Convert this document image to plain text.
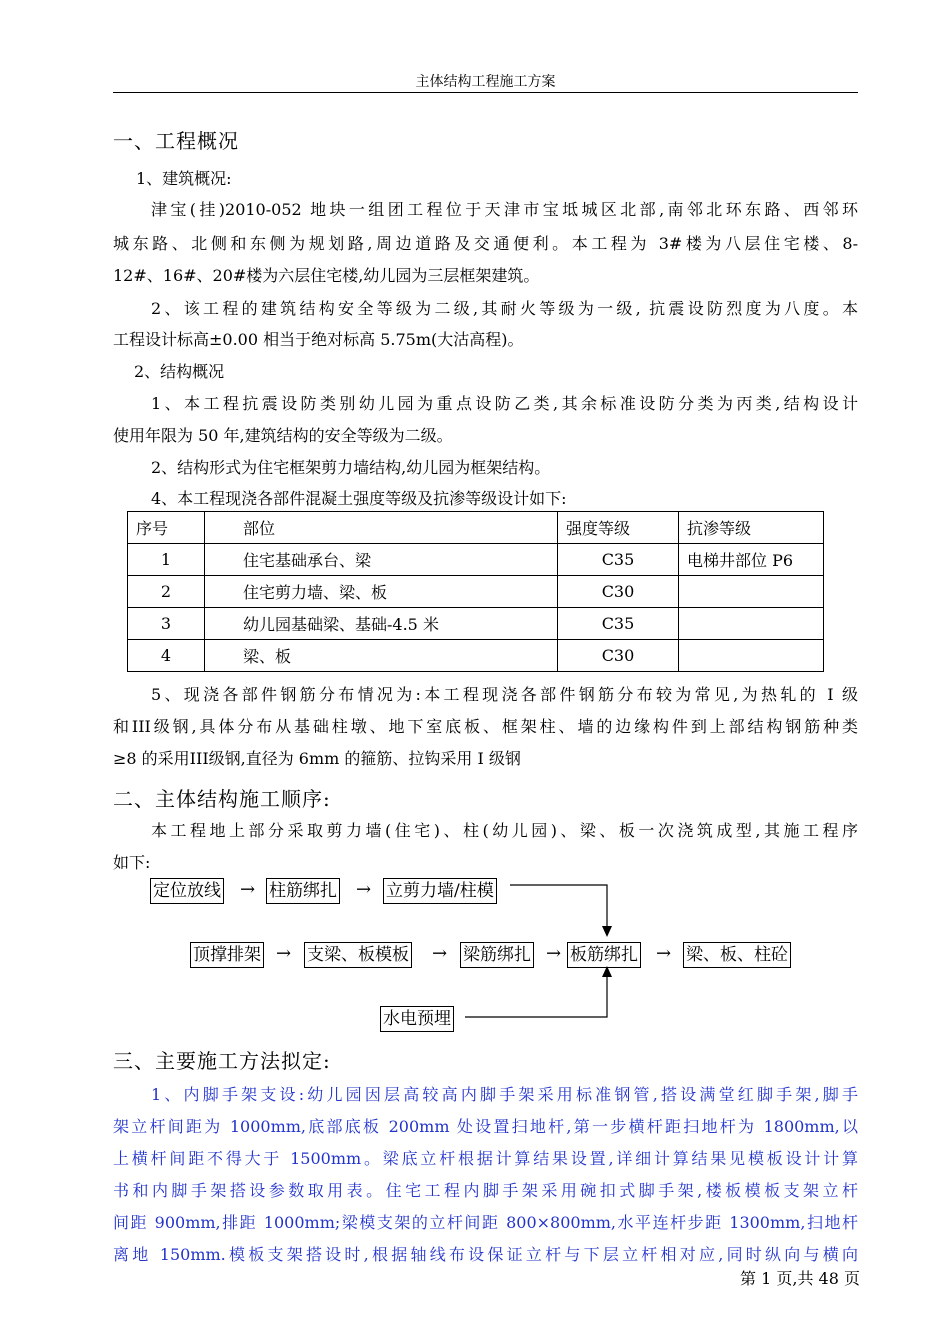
主体结构工程施工方案
一、工程概况
1、建筑概况:
津宝(挂)2010-052 地块一组团工程位于天津市宝坻城区北部,南邻北环东路、西邻环
城东路、北侧和东侧为规划路,周边道路及交通便利。本工程为 3#楼为八层住宅楼、8-
12#、16#、20#楼为六层住宅楼,幼儿园为三层框架建筑。
2、该工程的建筑结构安全等级为二级,其耐火等级为一级, 抗震设防烈度为八度。本
工程设计标高±0.00 相当于绝对标高 5.75m(大沽高程)。
2、结构概况
1、本工程抗震设防类别幼儿园为重点设防乙类,其余标准设防分类为丙类,结构设计
使用年限为 50 年,建筑结构的安全等级为二级。
2、结构形式为住宅框架剪力墙结构,幼儿园为框架结构。
4、本工程现浇各部件混凝土强度等级及抗渗等级设计如下:
序号	部位	强度等级	抗渗等级
1	住宅基础承台、梁	C35	电梯井部位 P6
2	住宅剪力墙、梁、板	C30	
3	幼儿园基础梁、基础-4.5 米	C35	
4	梁、板	C30	
5、现浇各部件钢筋分布情况为:本工程现浇各部件钢筋分布较为常见,为热轧的 I 级
和III级钢,具体分布从基础柱墩、地下室底板、框架柱、墙的边缘构件到上部结构钢筋种类
≥8 的采用III级钢,直径为 6mm 的箍筋、拉钩采用 I 级钢
二、主体结构施工顺序:
本工程地上部分采取剪力墙(住宅)、柱(幼儿园)、梁、板一次浇筑成型,其施工程序
如下:
定位放线 → 柱筋绑扎 → 立剪力墙/柱模
顶撑排架 → 支梁、板模板 → 梁筋绑扎 → 板筋绑扎 → 梁、板、柱砼
水电预埋
三、主要施工方法拟定:
1、内脚手架支设:幼儿园因层高较高内脚手架采用标准钢管,搭设满堂红脚手架,脚手
架立杆间距为 1000mm,底部底板 200mm 处设置扫地杆,第一步横杆距扫地杆为 1800mm,以
上横杆间距不得大于 1500mm。梁底立杆根据计算结果设置,详细计算结果见模板设计计算
书和内脚手架搭设参数取用表。住宅工程内脚手架采用碗扣式脚手架,楼板模板支架立杆
间距 900mm,排距 1000mm;梁模支架的立杆间距 800×800mm,水平连杆步距 1300mm,扫地杆
离地 150mm.模板支架搭设时,根据轴线布设保证立杆与下层立杆相对应,同时纵向与横向
第 1 页,共 48 页
